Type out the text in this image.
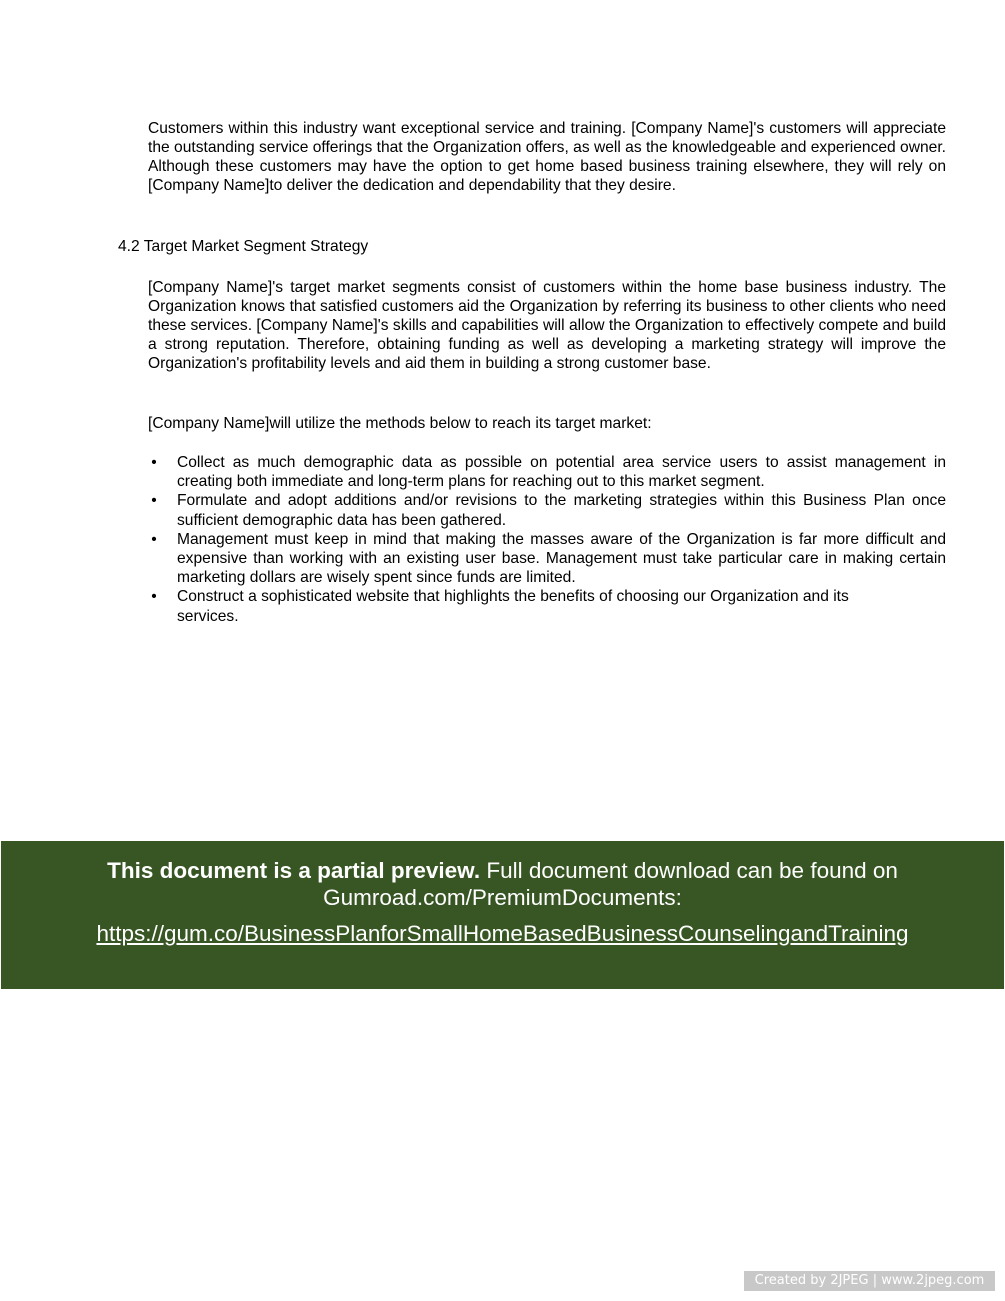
Customers within this industry want exceptional service and training. [Company Name]'s customers will appreciate the outstanding service offerings that the Organization offers, as well as the knowledgeable and experienced owner. Although these customers may have the option to get home based business training elsewhere, they will rely on [Company Name]to deliver the dedication and dependability that they desire.

4.2 Target Market Segment Strategy

[Company Name]'s target market segments consist of customers within the home base business industry. The Organization knows that satisfied customers aid the Organization by referring its business to other clients who need these services. [Company Name]'s skills and capabilities will allow the Organization to effectively compete and build a strong reputation. Therefore, obtaining funding as well as developing a marketing strategy will improve the Organization's profitability levels and aid them in building a strong customer base.

[Company Name]will utilize the methods below to reach its target market:

• Collect as much demographic data as possible on potential area service users to assist management in creating both immediate and long-term plans for reaching out to this market segment.
• Formulate and adopt additions and/or revisions to the marketing strategies within this Business Plan once sufficient demographic data has been gathered.
• Management must keep in mind that making the masses aware of the Organization is far more difficult and expensive than working with an existing user base. Management must take particular care in making certain marketing dollars are wisely spent since funds are limited.
• Construct a sophisticated website that highlights the benefits of choosing our Organization and its services.
This document is a partial preview. Full document download can be found on Gumroad.com/PremiumDocuments:
https://gum.co/BusinessPlanforSmallHomeBasedBusinessCounselingandTraining
Created by 2JPEG | www.2jpeg.com
